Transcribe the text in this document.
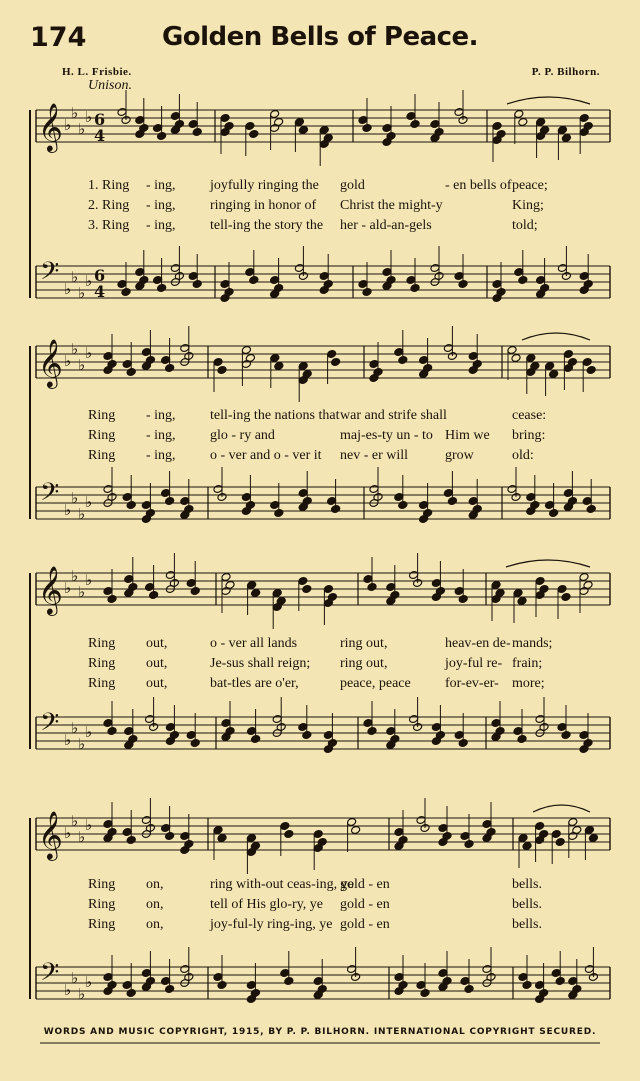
174	Golden Bells of Peace.
H. L. Frisbie.	P. P. Bilhorn.
Unison.
𝄞 ♭
♭
♭
♭ 6
4
𝄢 ♭
♭
♭
♭ 6
4
𝄞 ♭
♭
♭
♭
𝄢 ♭
♭
♭
♭
𝄞 ♭
♭
♭
♭
𝄢 ♭
♭
♭
♭
𝄞 ♭
♭
♭
♭
𝄢 ♭
♭
♭
♭
1. Ring - ing, joyfully ringing the gold	- en bells of peace;
2. Ring - ing, ringing in honor of Christ the might-y	King;
3. Ring - ing, tell-ing the story the her - ald-an-gels	told;
Ring - ing, tell-ing the nations that war and strife shall	cease:
Ring - ing, glo - ry and	maj-es-ty un - to Him we bring:
Ring - ing, o - ver and o - ver it nev - er will	grow	old:
Ring out,	o - ver all lands	ring out,	heav-en de- mands;
Ring out,	Je-sus shall reign; ring out,	joy-ful re- frain;
Ring out,	bat-tles are o'er,	peace, peace for-ev-er- more;
Ring on,	ring with-out ceas-ing, ye
gold - en	bells.
Ring on,	tell of His glo-ry, ye gold - en	bells.
Ring on,	joy-ful-ly ring-ing, ye gold - en	bells.
WORDS AND MUSIC COPYRIGHT, 1915, BY P. P. BILHORN. INTERNATIONAL COPYRIGHT SECURED.
